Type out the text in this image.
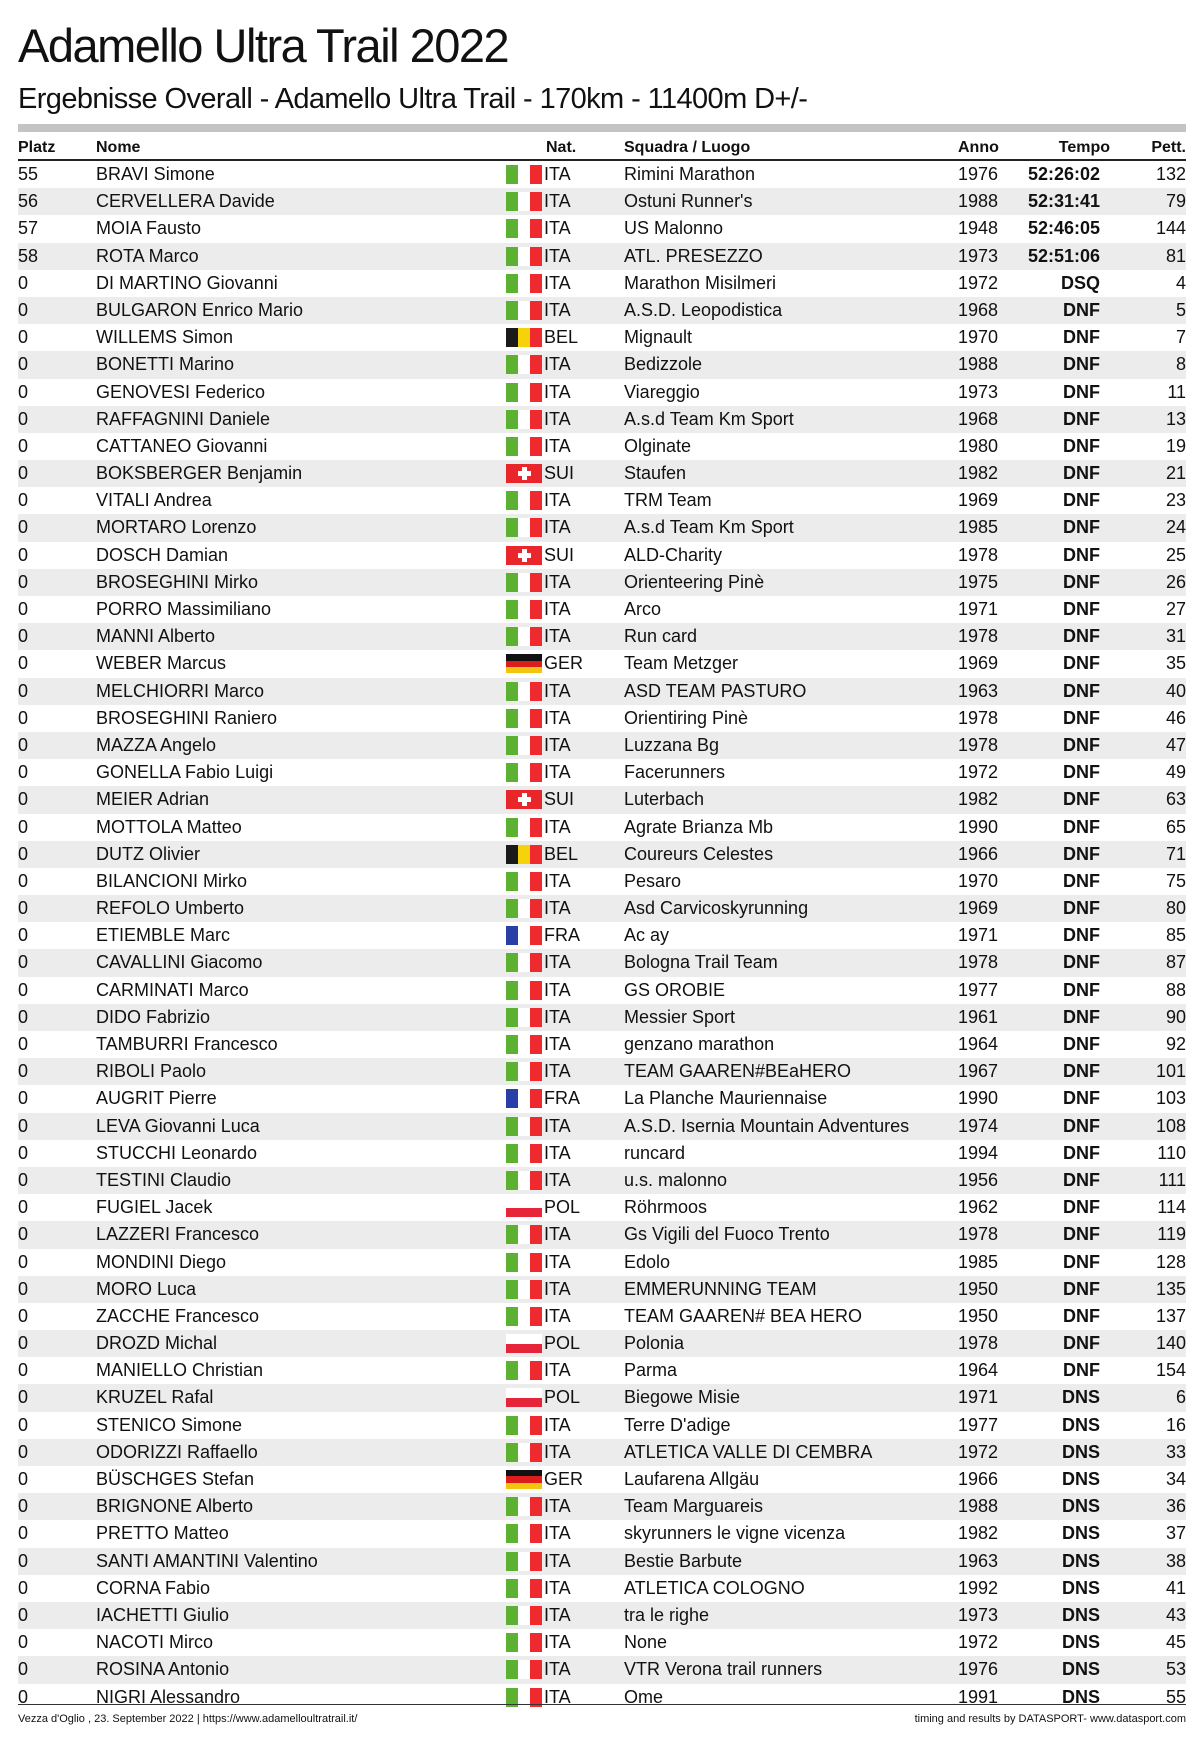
Adamello Ultra Trail 2022
Ergebnisse Overall - Adamello Ultra Trail - 170km - 11400m D+/-
Platz	Nome	Nat.	Squadra / Luogo	Anno	Tempo	Pett.
55	BRAVI Simone	ITA	Rimini Marathon	1976 52:26:02	132
56	CERVELLERA Davide	ITA	Ostuni Runner's	1988 52:31:41	79
57	MOIA Fausto	ITA	US Malonno	1948 52:46:05	144
58	ROTA Marco	ITA	ATL. PRESEZZO	1973 52:51:06	81
0	DI MARTINO Giovanni	ITA	Marathon Misilmeri	1972	DSQ	4
0	BULGARON Enrico Mario	ITA	A.S.D. Leopodistica	1968	DNF	5
0	WILLEMS Simon	BEL	Mignault	1970	DNF	7
0	BONETTI Marino	ITA	Bedizzole	1988	DNF	8
0	GENOVESI Federico	ITA	Viareggio	1973	DNF	11
0	RAFFAGNINI Daniele	ITA	A.s.d Team Km Sport	1968	DNF	13
0	CATTANEO Giovanni	ITA	Olginate	1980	DNF	19
0	BOKSBERGER Benjamin	SUI	Staufen	1982	DNF	21
0	VITALI Andrea	ITA	TRM Team	1969	DNF	23
0	MORTARO Lorenzo	ITA	A.s.d Team Km Sport	1985	DNF	24
0	DOSCH Damian	SUI	ALD-Charity	1978	DNF	25
0	BROSEGHINI Mirko	ITA	Orienteering Pinè	1975	DNF	26
0	PORRO Massimiliano	ITA	Arco	1971	DNF	27
0	MANNI Alberto	ITA	Run card	1978	DNF	31
0	WEBER Marcus	GER Team Metzger	1969	DNF	35
0	MELCHIORRI Marco	ITA	ASD TEAM PASTURO	1963	DNF	40
0	BROSEGHINI Raniero	ITA	Orientiring Pinè	1978	DNF	46
0	MAZZA Angelo	ITA	Luzzana Bg	1978	DNF	47
0	GONELLA Fabio Luigi	ITA	Facerunners	1972	DNF	49
0	MEIER Adrian	SUI	Luterbach	1982	DNF	63
0	MOTTOLA Matteo	ITA	Agrate Brianza Mb	1990	DNF	65
0	DUTZ Olivier	BEL	Coureurs Celestes	1966	DNF	71
0	BILANCIONI Mirko	ITA	Pesaro	1970	DNF	75
0	REFOLO Umberto	ITA	Asd Carvicoskyrunning	1969	DNF	80
0	ETIEMBLE Marc	FRA Ac ay	1971	DNF	85
0	CAVALLINI Giacomo	ITA	Bologna Trail Team	1978	DNF	87
0	CARMINATI Marco	ITA	GS OROBIE	1977	DNF	88
0	DIDO Fabrizio	ITA	Messier Sport	1961	DNF	90
0	TAMBURRI Francesco	ITA	genzano marathon	1964	DNF	92
0	RIBOLI Paolo	ITA	TEAM GAAREN#BEaHERO	1967	DNF	101
0	AUGRIT Pierre	FRA La Planche Mauriennaise	1990	DNF	103
0	LEVA Giovanni Luca	ITA	A.S.D. Isernia Mountain Adventures	1974	DNF	108
0	STUCCHI Leonardo	ITA	runcard	1994	DNF	110
0	TESTINI Claudio	ITA	u.s. malonno	1956	DNF	111
0	FUGIEL Jacek	POL Röhrmoos	1962	DNF	114
0	LAZZERI Francesco	ITA	Gs Vigili del Fuoco Trento	1978	DNF	119
0	MONDINI Diego	ITA	Edolo	1985	DNF	128
0	MORO Luca	ITA	EMMERUNNING TEAM	1950	DNF	135
0	ZACCHE Francesco	ITA	TEAM GAAREN# BEA HERO	1950	DNF	137
0	DROZD Michal	POL Polonia	1978	DNF	140
0	MANIELLO Christian	ITA	Parma	1964	DNF	154
0	KRUZEL Rafal	POL Biegowe Misie	1971	DNS	6
0	STENICO Simone	ITA	Terre D'adige	1977	DNS	16
0	ODORIZZI Raffaello	ITA	ATLETICA VALLE DI CEMBRA	1972	DNS	33
0	BÜSCHGES Stefan	GER Laufarena Allgäu	1966	DNS	34
0	BRIGNONE Alberto	ITA	Team Marguareis	1988	DNS	36
0	PRETTO Matteo	ITA	skyrunners le vigne vicenza	1982	DNS	37
0	SANTI AMANTINI Valentino	ITA	Bestie Barbute	1963	DNS	38
0	CORNA Fabio	ITA	ATLETICA COLOGNO	1992	DNS	41
0	IACHETTI Giulio	ITA	tra le righe	1973	DNS	43
0	NACOTI Mirco	ITA	None	1972	DNS	45
0	ROSINA Antonio	ITA	VTR Verona trail runners	1976	DNS	53
0	NIGRI Alessandro	ITA	Ome	1991	DNS	55
Vezza d'Oglio , 23. September 2022 | https://www.adamelloultratrail.it/	timing and results by DATASPORT- www.datasport.com
